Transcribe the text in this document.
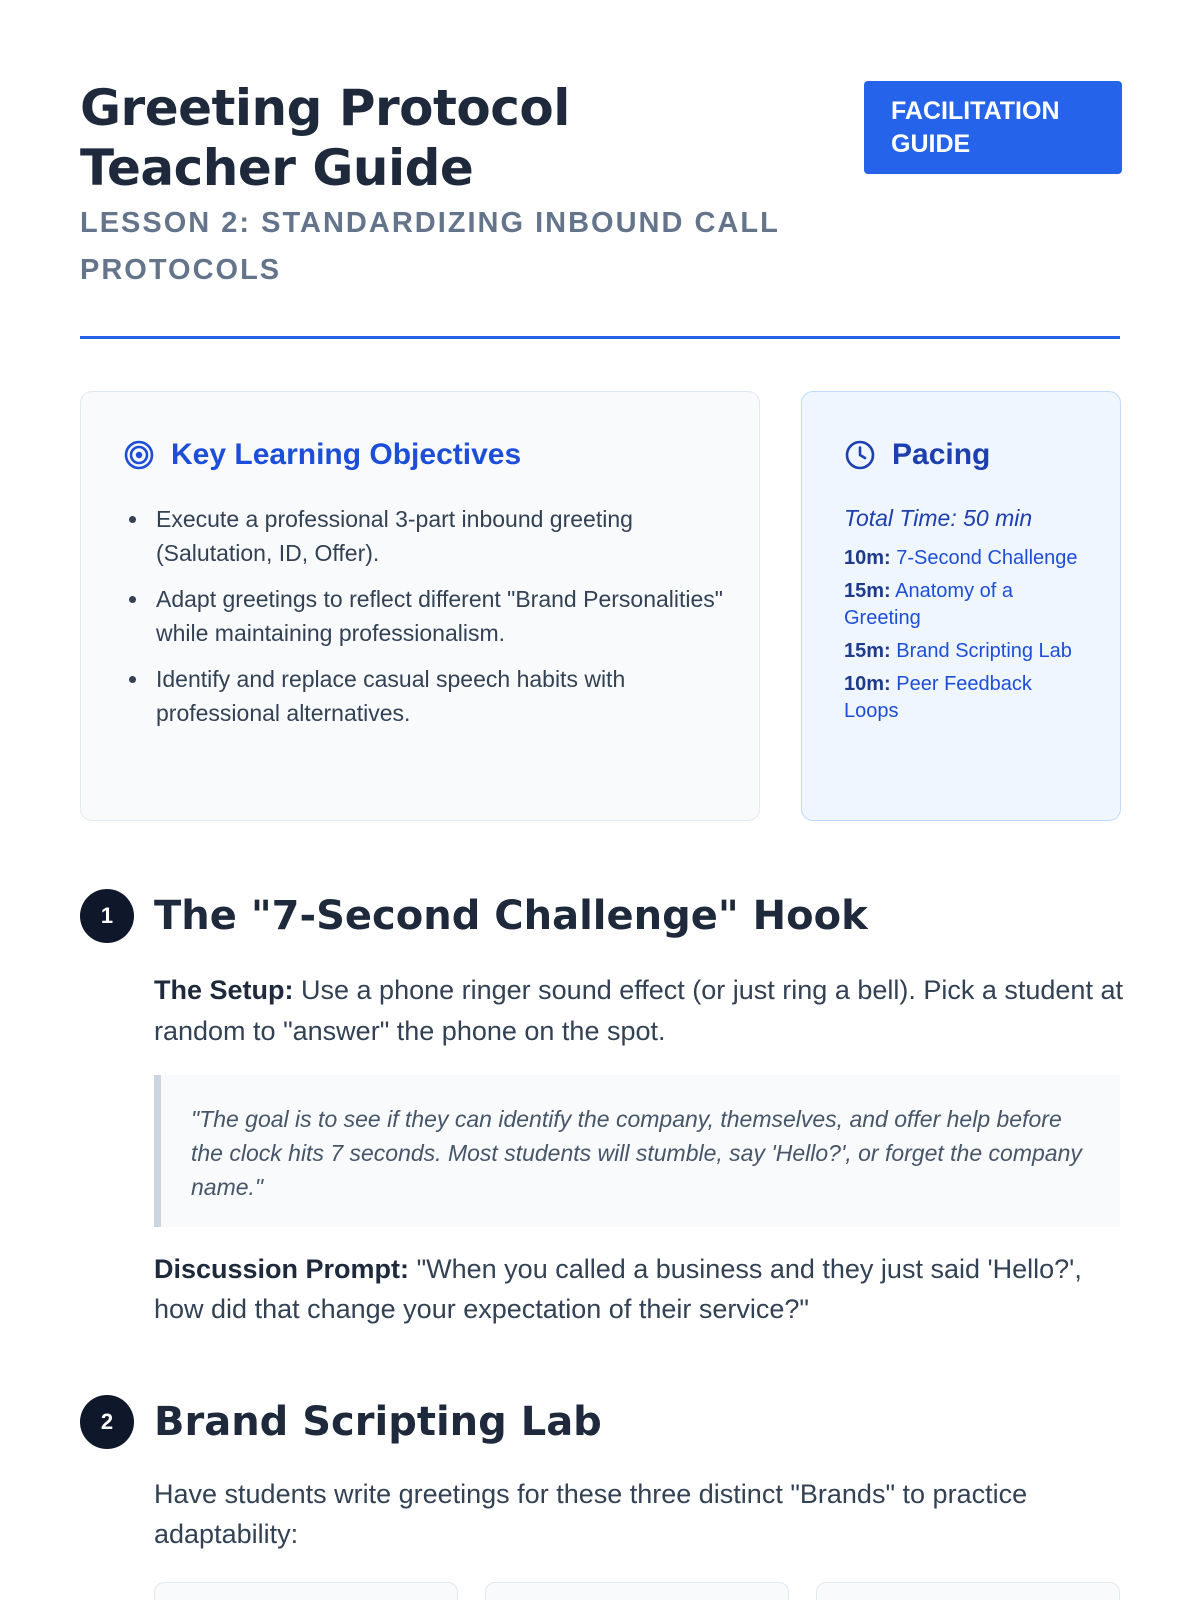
Greeting Protocol Teacher Guide
LESSON 2: STANDARDIZING INBOUND CALL PROTOCOLS
FACILITATION GUIDE
Key Learning Objectives
• Execute a professional 3-part inbound greeting (Salutation, ID, Offer).
• Adapt greetings to reflect different "Brand Personalities" while maintaining professionalism.
• Identify and replace casual speech habits with professional alternatives.
Pacing
Total Time: 50 min
10m: 7-Second Challenge
15m: Anatomy of a Greeting
15m: Brand Scripting Lab
10m: Peer Feedback Loops
1	The "7-Second Challenge" Hook

The Setup: Use a phone ringer sound effect (or just ring a bell). Pick a student at random to "answer" the phone on the spot.

"The goal is to see if they can identify the company, themselves, and offer help before the clock hits 7 seconds. Most students will stumble, say 'Hello?', or forget the company name."

Discussion Prompt: "When you called a business and they just said 'Hello?', how did that change your expectation of their service?"

2	Brand Scripting Lab

Have students write greetings for these three distinct "Brands" to practice adaptability:
